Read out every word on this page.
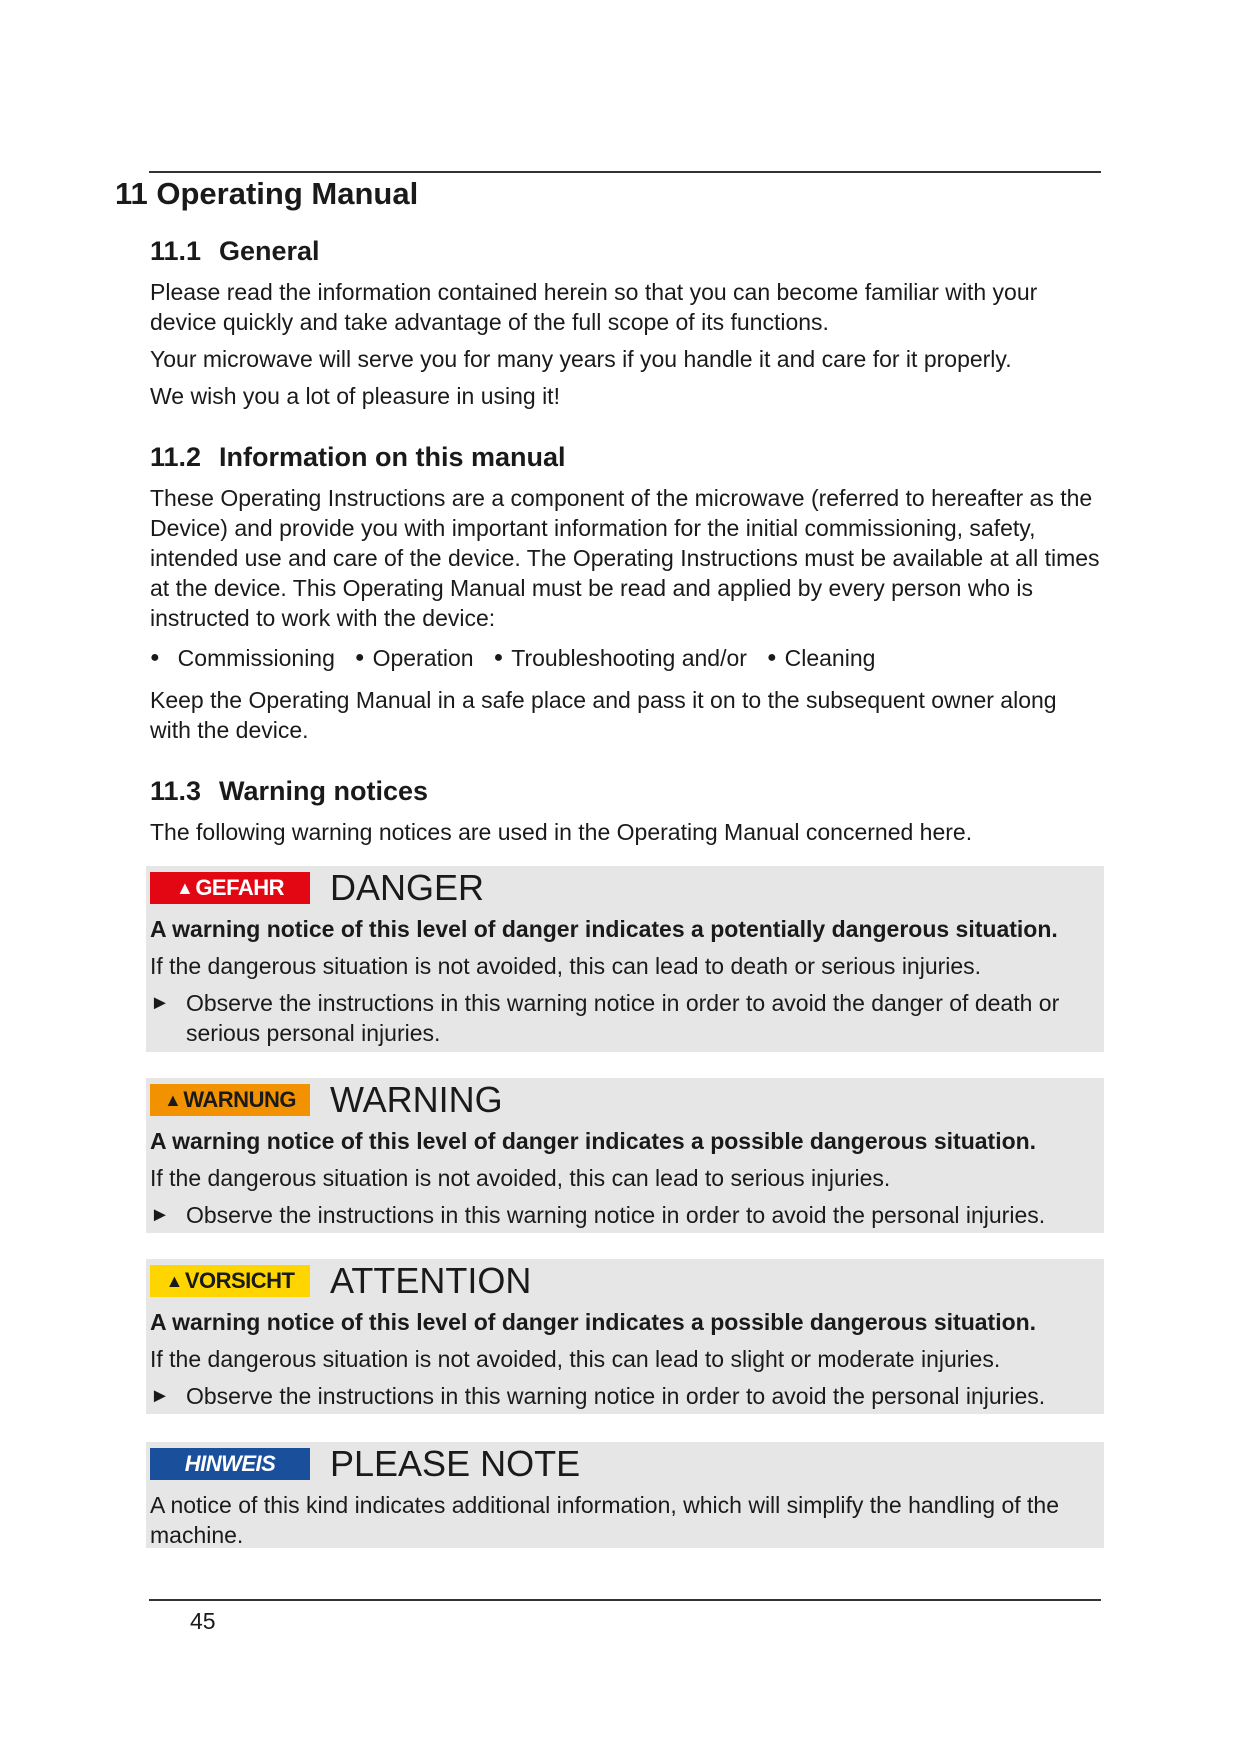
11 Operating Manual
11.1 General

Please read the information contained herein so that you can become familiar with your device quickly and take advantage of the full scope of its functions.

Your microwave will serve you for many years if you handle it and care for it properly.

We wish you a lot of pleasure in using it!

11.2 Information on this manual

These Operating Instructions are a component of the microwave (referred to hereafter as the Device) and provide you with important information for the initial commissioning, safety, intended use and care of the device. The Operating Instructions must be available at all times at the device. This Operating Manual must be read and applied by every person who is instructed to work with the device:

● Commissioning ● Operation ● Troubleshooting and/or ● Cleaning

Keep the Operating Manual in a safe place and pass it on to the subsequent owner along with the device.

11.3 Warning notices

The following warning notices are used in the Operating Manual concerned here.

▲ GEFAHR DANGER
A warning notice of this level of danger indicates a potentially dangerous situation.

If the dangerous situation is not avoided, this can lead to death or serious injuries.

► Observe the instructions in this warning notice in order to avoid the danger of death or serious personal injuries.
▲ WARNUNG WARNING
A warning notice of this level of danger indicates a possible dangerous situation.

If the dangerous situation is not avoided, this can lead to serious injuries.

► Observe the instructions in this warning notice in order to avoid the personal injuries.
▲ VORSICHT ATTENTION
A warning notice of this level of danger indicates a possible dangerous situation.

If the dangerous situation is not avoided, this can lead to slight or moderate injuries.

► Observe the instructions in this warning notice in order to avoid the personal injuries.
HINWEIS	PLEASE NOTE

A notice of this kind indicates additional information, which will simplify the handling of the machine.

45
